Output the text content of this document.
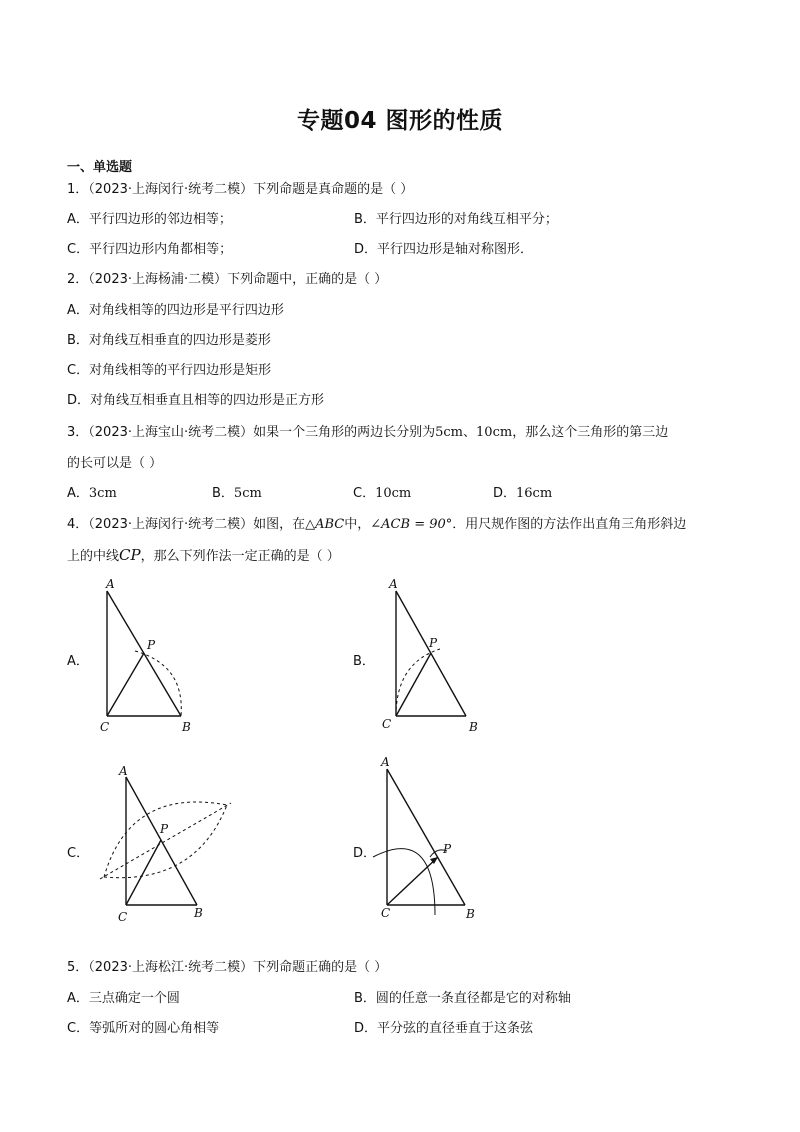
专题04 图形的性质
一、单选题
1．（2023·上海闵行·统考二模）下列命题是真命题的是（ ）
A．平行四边形的邻边相等；	B．平行四边形的对角线互相平分；
C．平行四边形内角都相等；	D．平行四边形是轴对称图形．
2．（2023·上海杨浦·二模）下列命题中，正确的是（ ）
A．对角线相等的四边形是平行四边形
B．对角线互相垂直的四边形是菱形
C．对角线相等的平行四边形是矩形
D．对角线互相垂直且相等的四边形是正方形
3．（2023·上海宝山·统考二模）如果一个三角形的两边长分别为5cm、10cm，那么这个三角形的第三边
的长可以是（ ）
A．3cm	B．5cm	C．10cm	D．16cm
4．（2023·上海闵行·统考二模）如图，在△ABC中，∠ACB = 90°．用尺规作图的方法作出直角三角形斜边
上的中线CP，那么下列作法一定正确的是（ ）
A．	B．
C．	D．
A
P
C	B
A
P
C	B
A
P
C	B
A
P
C	B
5．（2023·上海松江·统考二模）下列命题正确的是（ ）
A．三点确定一个圆	B．圆的任意一条直径都是它的对称轴
C．等弧所对的圆心角相等	D．平分弦的直径垂直于这条弦
